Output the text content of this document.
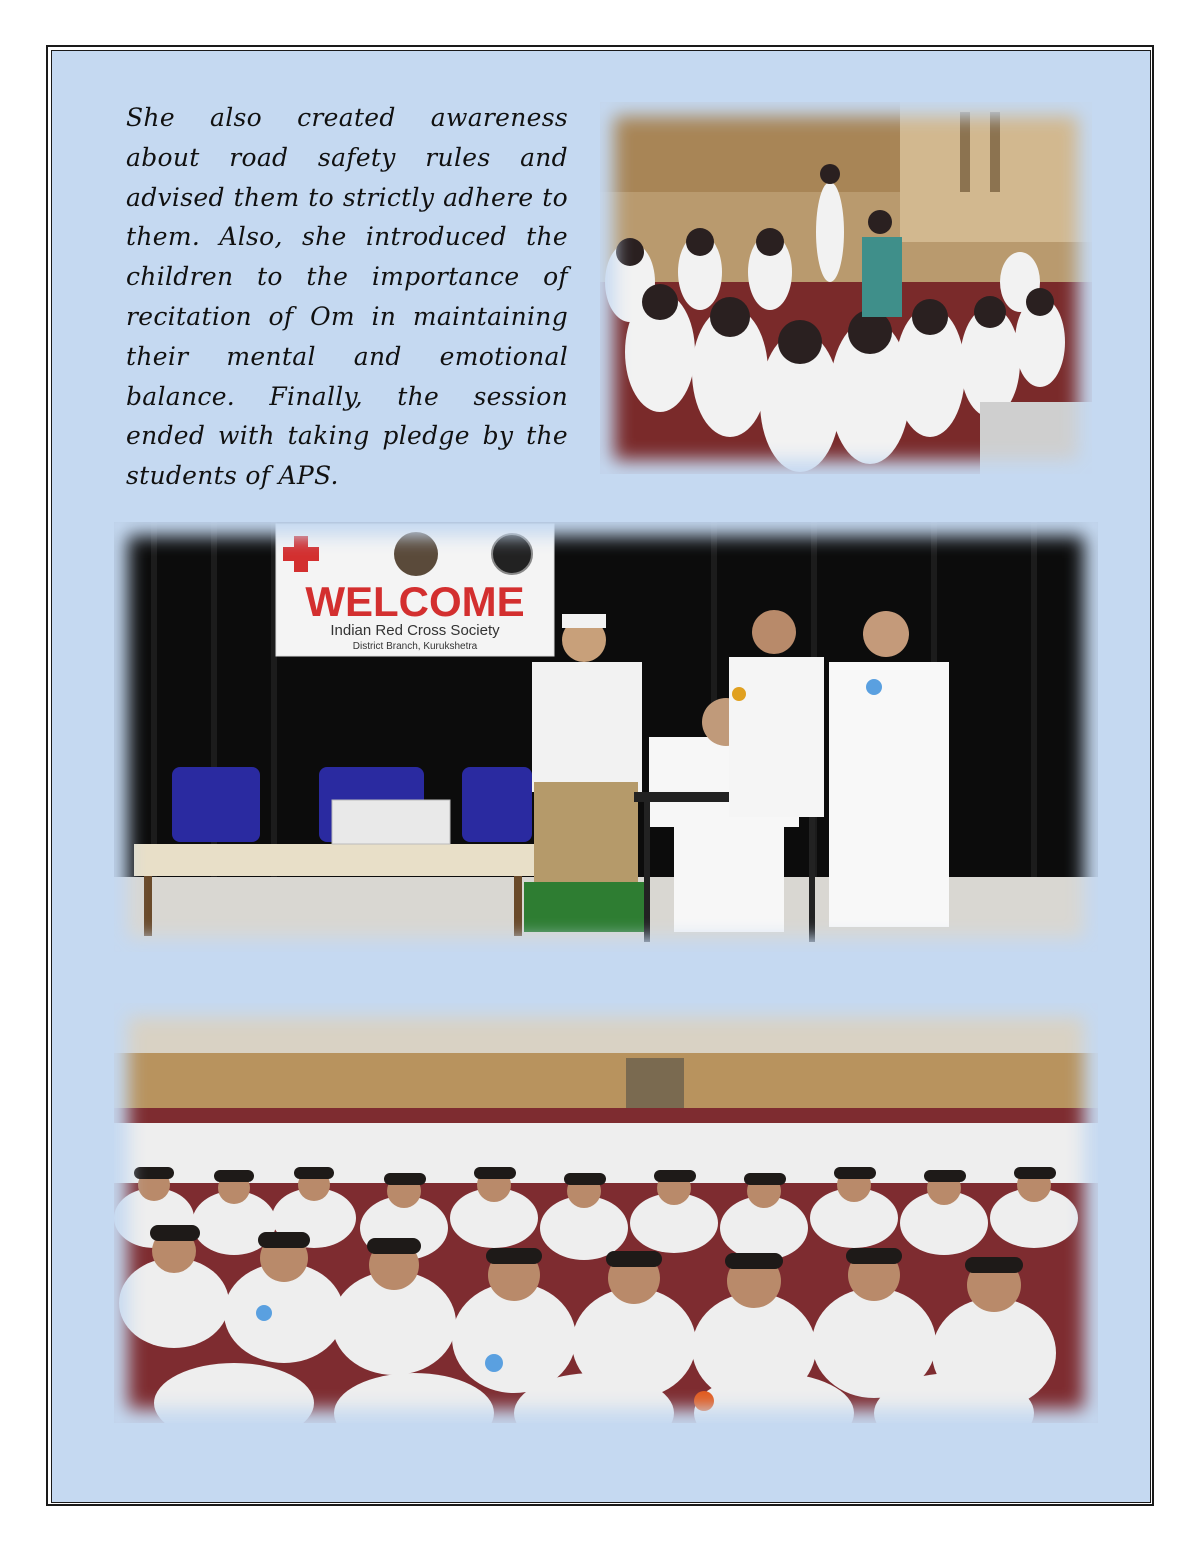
She also created awareness about road safety rules and advised them to strictly adhere to them. Also, she introduced the children to the importance of recitation of Om in maintaining their mental and emotional balance. Finally, the session ended with taking pledge by the students of APS.

WELCOME
Indian Red Cross Society
District Branch, Kurukshetra
